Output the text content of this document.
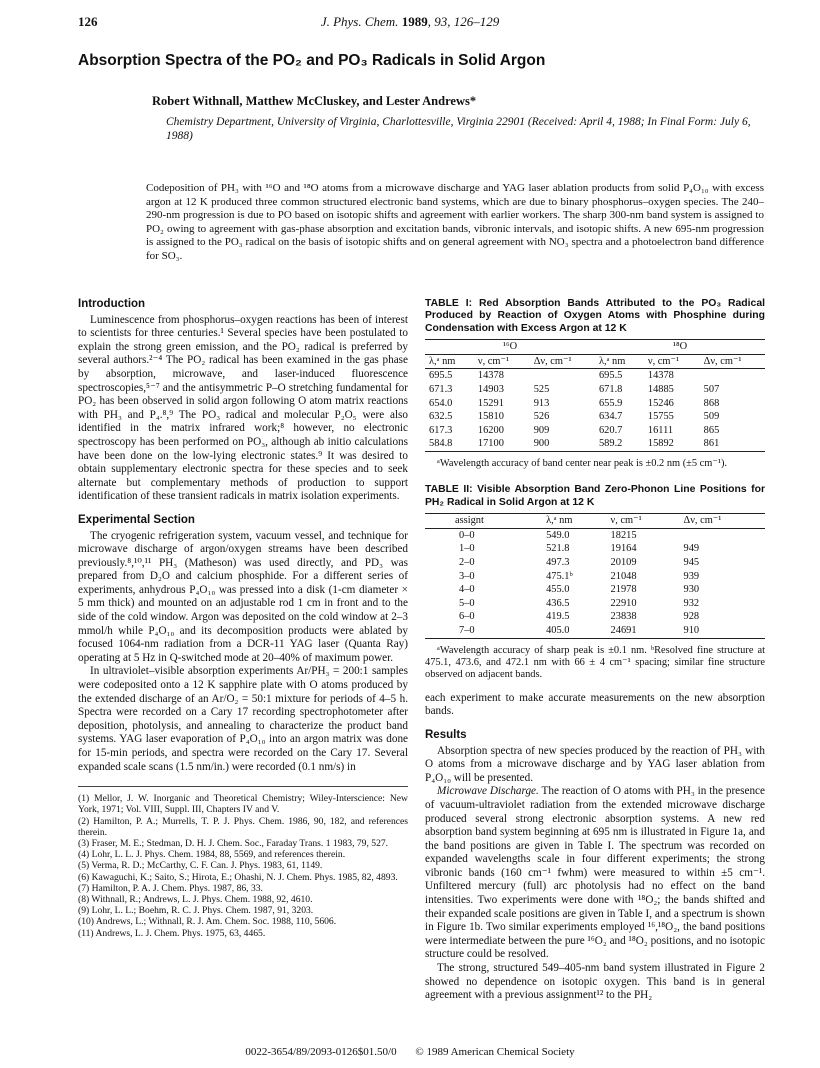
126	J. Phys. Chem. 1989, 93, 126–129
Absorption Spectra of the PO₂ and PO₃ Radicals in Solid Argon
Robert Withnall, Matthew McCluskey, and Lester Andrews*
Chemistry Department, University of Virginia, Charlottesville, Virginia 22901 (Received: April 4, 1988; In Final Form: July 6, 1988)
Codeposition of PH₃ with ¹⁶O and ¹⁸O atoms from a microwave discharge and YAG laser ablation products from solid P₄O₁₀ with excess argon at 12 K produced three common structured electronic band systems, which are due to binary phosphorus–oxygen species. The 240–290-nm progression is due to PO based on isotopic shifts and agreement with earlier workers. The sharp 300-nm band system is assigned to PO₂ owing to agreement with gas-phase absorption and excitation bands, vibronic intervals, and isotopic shifts. A new 695-nm progression is assigned to the PO₃ radical on the basis of isotopic shifts and on general agreement with NO₃ spectra and a photoelectron band difference for SO₃.
Introduction

Luminescence from phosphorus–oxygen reactions has been of interest to scientists for three centuries.¹ Several species have been postulated to explain the strong green emission, and the PO₂ radical is preferred by several authors.²⁻⁴ The PO₂ radical has been examined in the gas phase by absorption, microwave, and laser-induced fluorescence spectroscopies,⁵⁻⁷ and the antisymmetric P–O stretching fundamental for PO₂ has been observed in solid argon following O atom matrix reactions with PH₃ and P₄.⁸,⁹ The PO₃ radical and molecular P₂O₅ were also identified in the matrix infrared work;⁸ however, no electronic spectroscopy has been performed on PO₃, although ab initio calculations have been done on the low-lying electronic states.⁹ It was desired to obtain supplementary electronic spectra for these species and to seek alternate but complementary methods of production to support identification of these transient radicals in matrix isolation experiments.

Experimental Section

The cryogenic refrigeration system, vacuum vessel, and technique for microwave discharge of argon/oxygen streams have been described previously.⁸,¹⁰,¹¹ PH₃ (Matheson) was used directly, and PD₃ was prepared from D₂O and calcium phosphide. For a different series of experiments, anhydrous P₄O₁₀ was pressed into a disk (1-cm diameter × 5 mm thick) and mounted on an adjustable rod 1 cm in front and to the side of the cold window. Argon was deposited on the cold window at 2–3 mmol/h while P₄O₁₀ and its decomposition products were ablated by focused 1064-nm radiation from a DCR-11 YAG laser (Quanta Ray) operating at 5 Hz in Q-switched mode at 20–40% of maximum power.

In ultraviolet–visible absorption experiments Ar/PH₃ = 200:1 samples were codeposited onto a 12 K sapphire plate with O atoms produced by the extended discharge of an Ar/O₂ = 50:1 mixture for periods of 4–5 h. Spectra were recorded on a Cary 17 recording spectrophotometer after deposition, photolysis, and annealing to characterize the product band systems. YAG laser evaporation of P₄O₁₀ into an argon matrix was done for 15-min periods, and spectra were recorded on the Cary 17. Several expanded scale scans (1.5 nm/in.) were recorded (0.1 nm/s) in

(1) Mellor, J. W. Inorganic and Theoretical Chemistry; Wiley-Interscience: New York, 1971; Vol. VIII, Suppl. III, Chapters IV and V.
(2) Hamilton, P. A.; Murrells, T. P. J. Phys. Chem. 1986, 90, 182, and references therein.
(3) Fraser, M. E.; Stedman, D. H. J. Chem. Soc., Faraday Trans. 1 1983, 79, 527.
(4) Lohr, L. L. J. Phys. Chem. 1984, 88, 5569, and references therein.
(5) Verma, R. D.; McCarthy, C. F. Can. J. Phys. 1983, 61, 1149.
(6) Kawaguchi, K.; Saito, S.; Hirota, E.; Ohashi, N. J. Chem. Phys. 1985, 82, 4893.
(7) Hamilton, P. A. J. Chem. Phys. 1987, 86, 33.
(8) Withnall, R.; Andrews, L. J. Phys. Chem. 1988, 92, 4610.
(9) Lohr, L. L.; Boehm, R. C. J. Phys. Chem. 1987, 91, 3203.
(10) Andrews, L.; Withnall, R. J. Am. Chem. Soc. 1988, 110, 5606.
(11) Andrews, L. J. Chem. Phys. 1975, 63, 4465.
TABLE I: Red Absorption Bands Attributed to the PO₃ Radical Produced by Reaction of Oxygen Atoms with Phosphine during Condensation with Excess Argon at 12 K
¹⁶O			¹⁸O		
λ,ᵃ nm	ν, cm⁻¹	Δν, cm⁻¹	λ,ᵃ nm	ν, cm⁻¹	Δν, cm⁻¹
695.5	14378		695.5	14378	
671.3	14903	525	671.8	14885	507
654.0	15291	913	655.9	15246	868
632.5	15810	526	634.7	15755	509
617.3	16200	909	620.7	16111	865
584.8	17100	900	589.2	15892	861
ᵃWavelength accuracy of band center near peak is ±0.2 nm (±5 cm⁻¹).
TABLE II: Visible Absorption Band Zero-Phonon Line Positions for PH₂ Radical in Solid Argon at 12 K
assignt	λ,ᵃ nm	ν, cm⁻¹	Δν, cm⁻¹
0–0	549.0	18215	
1–0	521.8	19164	949
2–0	497.3	20109	945
3–0	475.1ᵇ	21048	939
4–0	455.0	21978	930
5–0	436.5	22910	932
6–0	419.5	23838	928
7–0	405.0	24691	910
ᵃWavelength accuracy of sharp peak is ±0.1 nm. ᵇResolved fine structure at 475.1, 473.6, and 472.1 nm with 66 ± 4 cm⁻¹ spacing; similar fine structure observed on adjacent bands.
each experiment to make accurate measurements on the new absorption bands.
Results

Absorption spectra of new species produced by the reaction of PH₃ with O atoms from a microwave discharge and by YAG laser ablation from P₄O₁₀ will be presented.

Microwave Discharge. The reaction of O atoms with PH₃ in the presence of vacuum-ultraviolet radiation from the extended microwave discharge produced several strong electronic absorption systems. A new red absorption band system beginning at 695 nm is illustrated in Figure 1a, and the band positions are given in Table I. The spectrum was recorded on expanded wavelengths scale in four different experiments; the strong vibronic bands (160 cm⁻¹ fwhm) were measured to within ±5 cm⁻¹. Unfiltered mercury (full) arc photolysis had no effect on the band intensities. Two experiments were done with ¹⁸O₂; the bands shifted and their expanded scale positions are given in Table I, and a spectrum is shown in Figure 1b. Two similar experiments employed ¹⁶,¹⁸O₂, the band positions were intermediate between the pure ¹⁶O₂ and ¹⁸O₂ positions, and no isotopic structure could be resolved.

The strong, structured 549–405-nm band system illustrated in Figure 2 showed no dependence on isotopic oxygen. This band is in general agreement with a previous assignment¹² to the PH₂

0022-3654/89/2093-0126$01.50/0 © 1989 American Chemical Society
